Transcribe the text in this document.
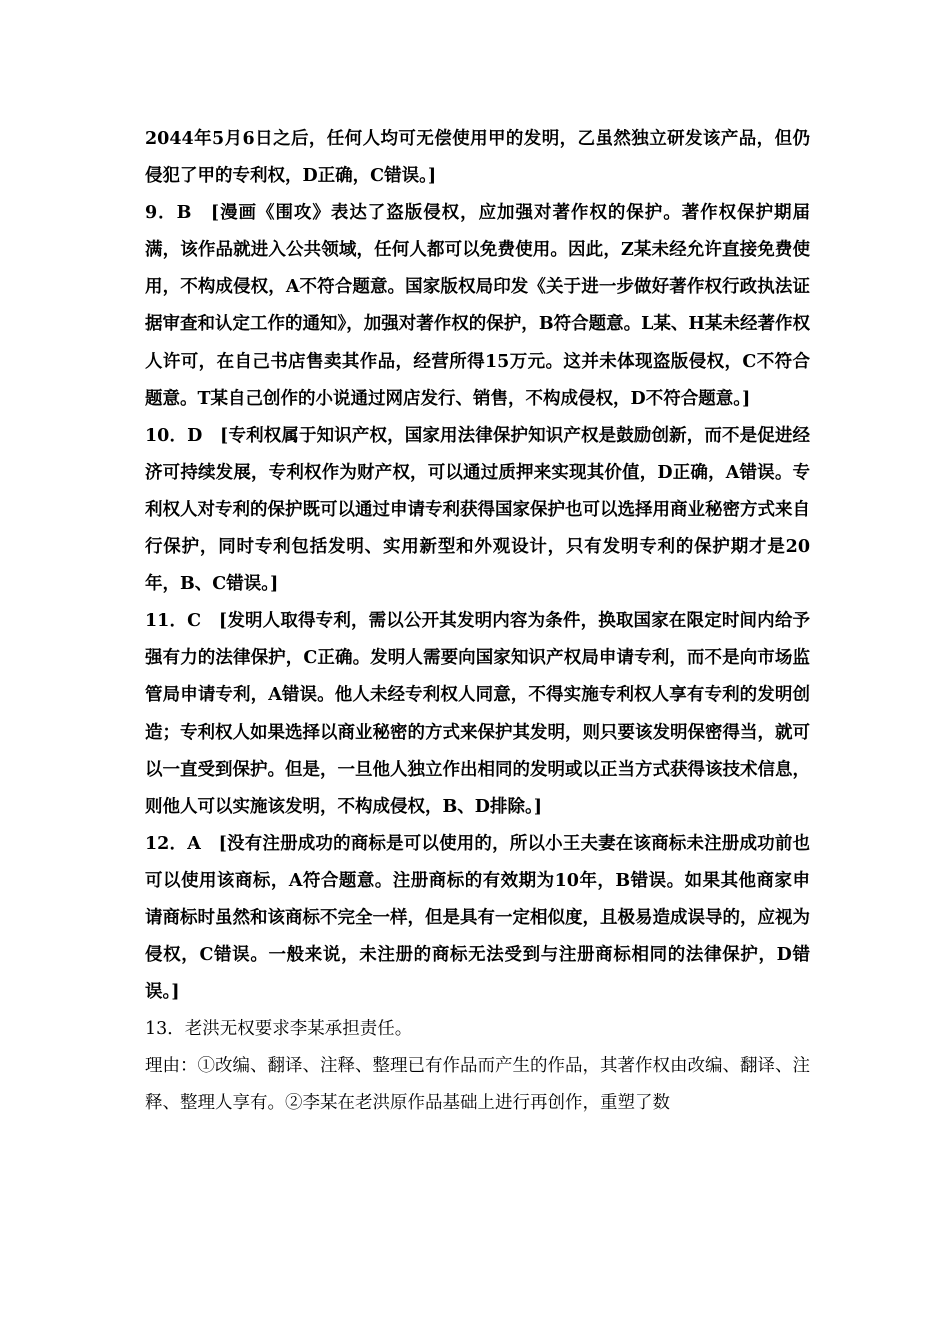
2044年5月6日之后，任何人均可无偿使用甲的发明，乙虽然独立研发该产品，但仍侵犯了甲的专利权，D正确，C错误。]

9．B　[漫画《围攻》表达了盗版侵权，应加强对著作权的保护。著作权保护期届满，该作品就进入公共领域，任何人都可以免费使用。因此，Z某未经允许直接免费使用，不构成侵权，A不符合题意。国家版权局印发《关于进一步做好著作权行政执法证据审查和认定工作的通知》，加强对著作权的保护，B符合题意。L某、H某未经著作权人许可，在自己书店售卖其作品，经营所得15万元。这并未体现盗版侵权，C不符合题意。T某自己创作的小说通过网店发行、销售，不构成侵权，D不符合题意。]

10．D　[专利权属于知识产权，国家用法律保护知识产权是鼓励创新，而不是促进经济可持续发展，专利权作为财产权，可以通过质押来实现其价值，D正确，A错误。专利权人对专利的保护既可以通过申请专利获得国家保护也可以选择用商业秘密方式来自行保护，同时专利包括发明、实用新型和外观设计，只有发明专利的保护期才是20年，B、C错误。]

11．C　[发明人取得专利，需以公开其发明内容为条件，换取国家在限定时间内给予强有力的法律保护，C正确。发明人需要向国家知识产权局申请专利，而不是向市场监管局申请专利，A错误。他人未经专利权人同意，不得实施专利权人享有专利的发明创造；专利权人如果选择以商业秘密的方式来保护其发明，则只要该发明保密得当，就可以一直受到保护。但是，一旦他人独立作出相同的发明或以正当方式获得该技术信息，则他人可以实施该发明，不构成侵权，B、D排除。]

12．A　[没有注册成功的商标是可以使用的，所以小王夫妻在该商标未注册成功前也可以使用该商标，A符合题意。注册商标的有效期为10年，B错误。如果其他商家申请商标时虽然和该商标不完全一样，但是具有一定相似度，且极易造成误导的，应视为侵权，C错误。一般来说，未注册的商标无法受到与注册商标相同的法律保护，D错误。]

13．老洪无权要求李某承担责任。

理由：①改编、翻译、注释、整理已有作品而产生的作品，其著作权由改编、翻译、注释、整理人享有。②李某在老洪原作品基础上进行再创作，重塑了数
